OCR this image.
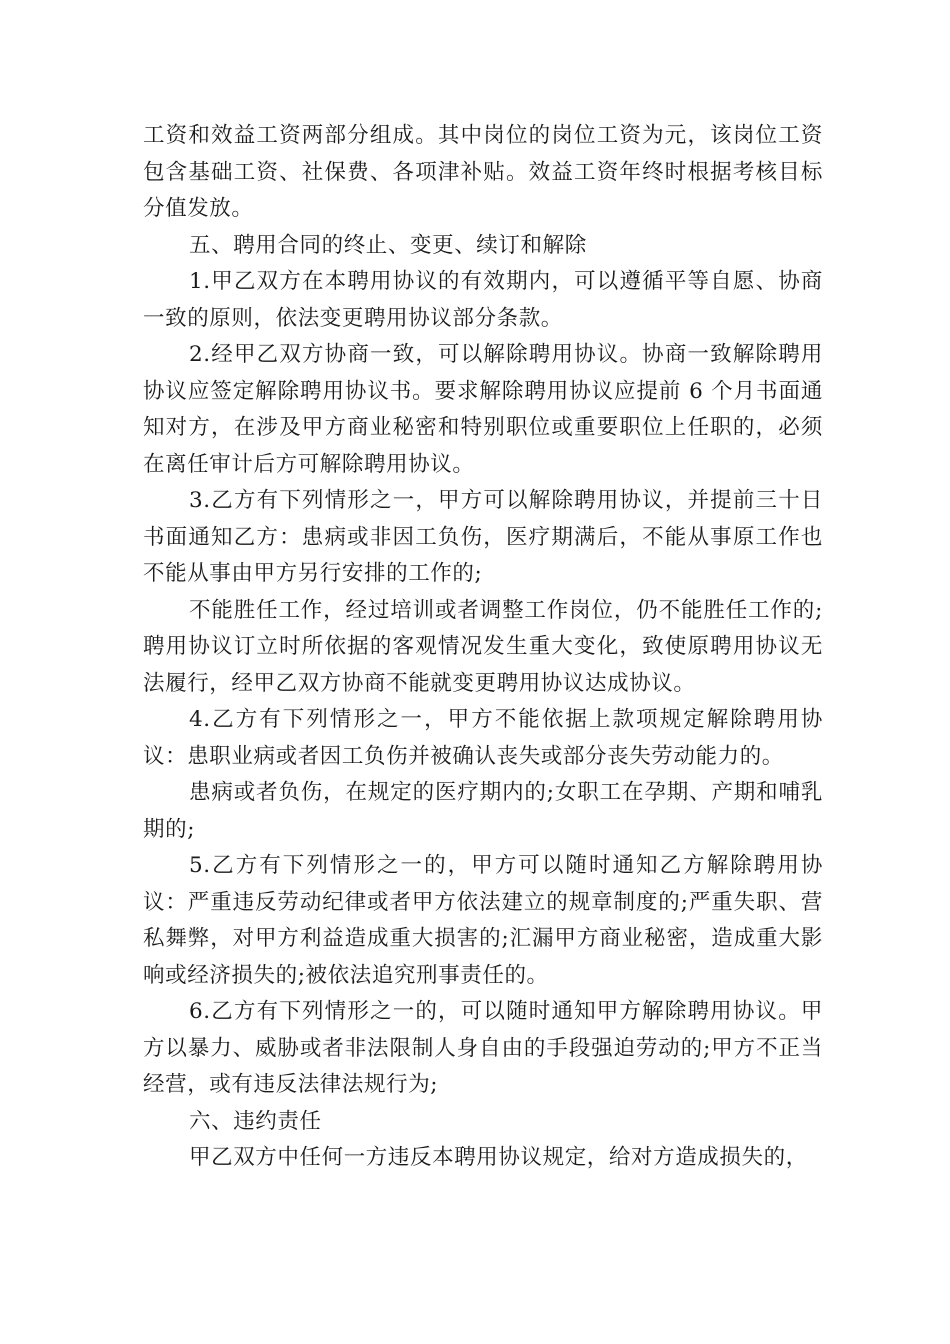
工资和效益工资两部分组成。其中岗位的岗位工资为元，该岗位工资包含基础工资、社保费、各项津补贴。效益工资年终时根据考核目标分值发放。

五、聘用合同的终止、变更、续订和解除

1.甲乙双方在本聘用协议的有效期内，可以遵循平等自愿、协商一致的原则，依法变更聘用协议部分条款。

2.经甲乙双方协商一致，可以解除聘用协议。协商一致解除聘用协议应签定解除聘用协议书。要求解除聘用协议应提前 6 个月书面通知对方，在涉及甲方商业秘密和特别职位或重要职位上任职的，必须在离任审计后方可解除聘用协议。

3.乙方有下列情形之一，甲方可以解除聘用协议，并提前三十日书面通知乙方：患病或非因工负伤，医疗期满后，不能从事原工作也不能从事由甲方另行安排的工作的;

不能胜任工作，经过培训或者调整工作岗位，仍不能胜任工作的;聘用协议订立时所依据的客观情况发生重大变化，致使原聘用协议无法履行，经甲乙双方协商不能就变更聘用协议达成协议。

4.乙方有下列情形之一，甲方不能依据上款项规定解除聘用协议：患职业病或者因工负伤并被确认丧失或部分丧失劳动能力的。

患病或者负伤，在规定的医疗期内的;女职工在孕期、产期和哺乳期的;

5.乙方有下列情形之一的，甲方可以随时通知乙方解除聘用协议：严重违反劳动纪律或者甲方依法建立的规章制度的;严重失职、营私舞弊，对甲方利益造成重大损害的;汇漏甲方商业秘密，造成重大影响或经济损失的;被依法追究刑事责任的。

6.乙方有下列情形之一的，可以随时通知甲方解除聘用协议。甲方以暴力、威胁或者非法限制人身自由的手段强迫劳动的;甲方不正当经营，或有违反法律法规行为;

六、违约责任

甲乙双方中任何一方违反本聘用协议规定，给对方造成损失的，
